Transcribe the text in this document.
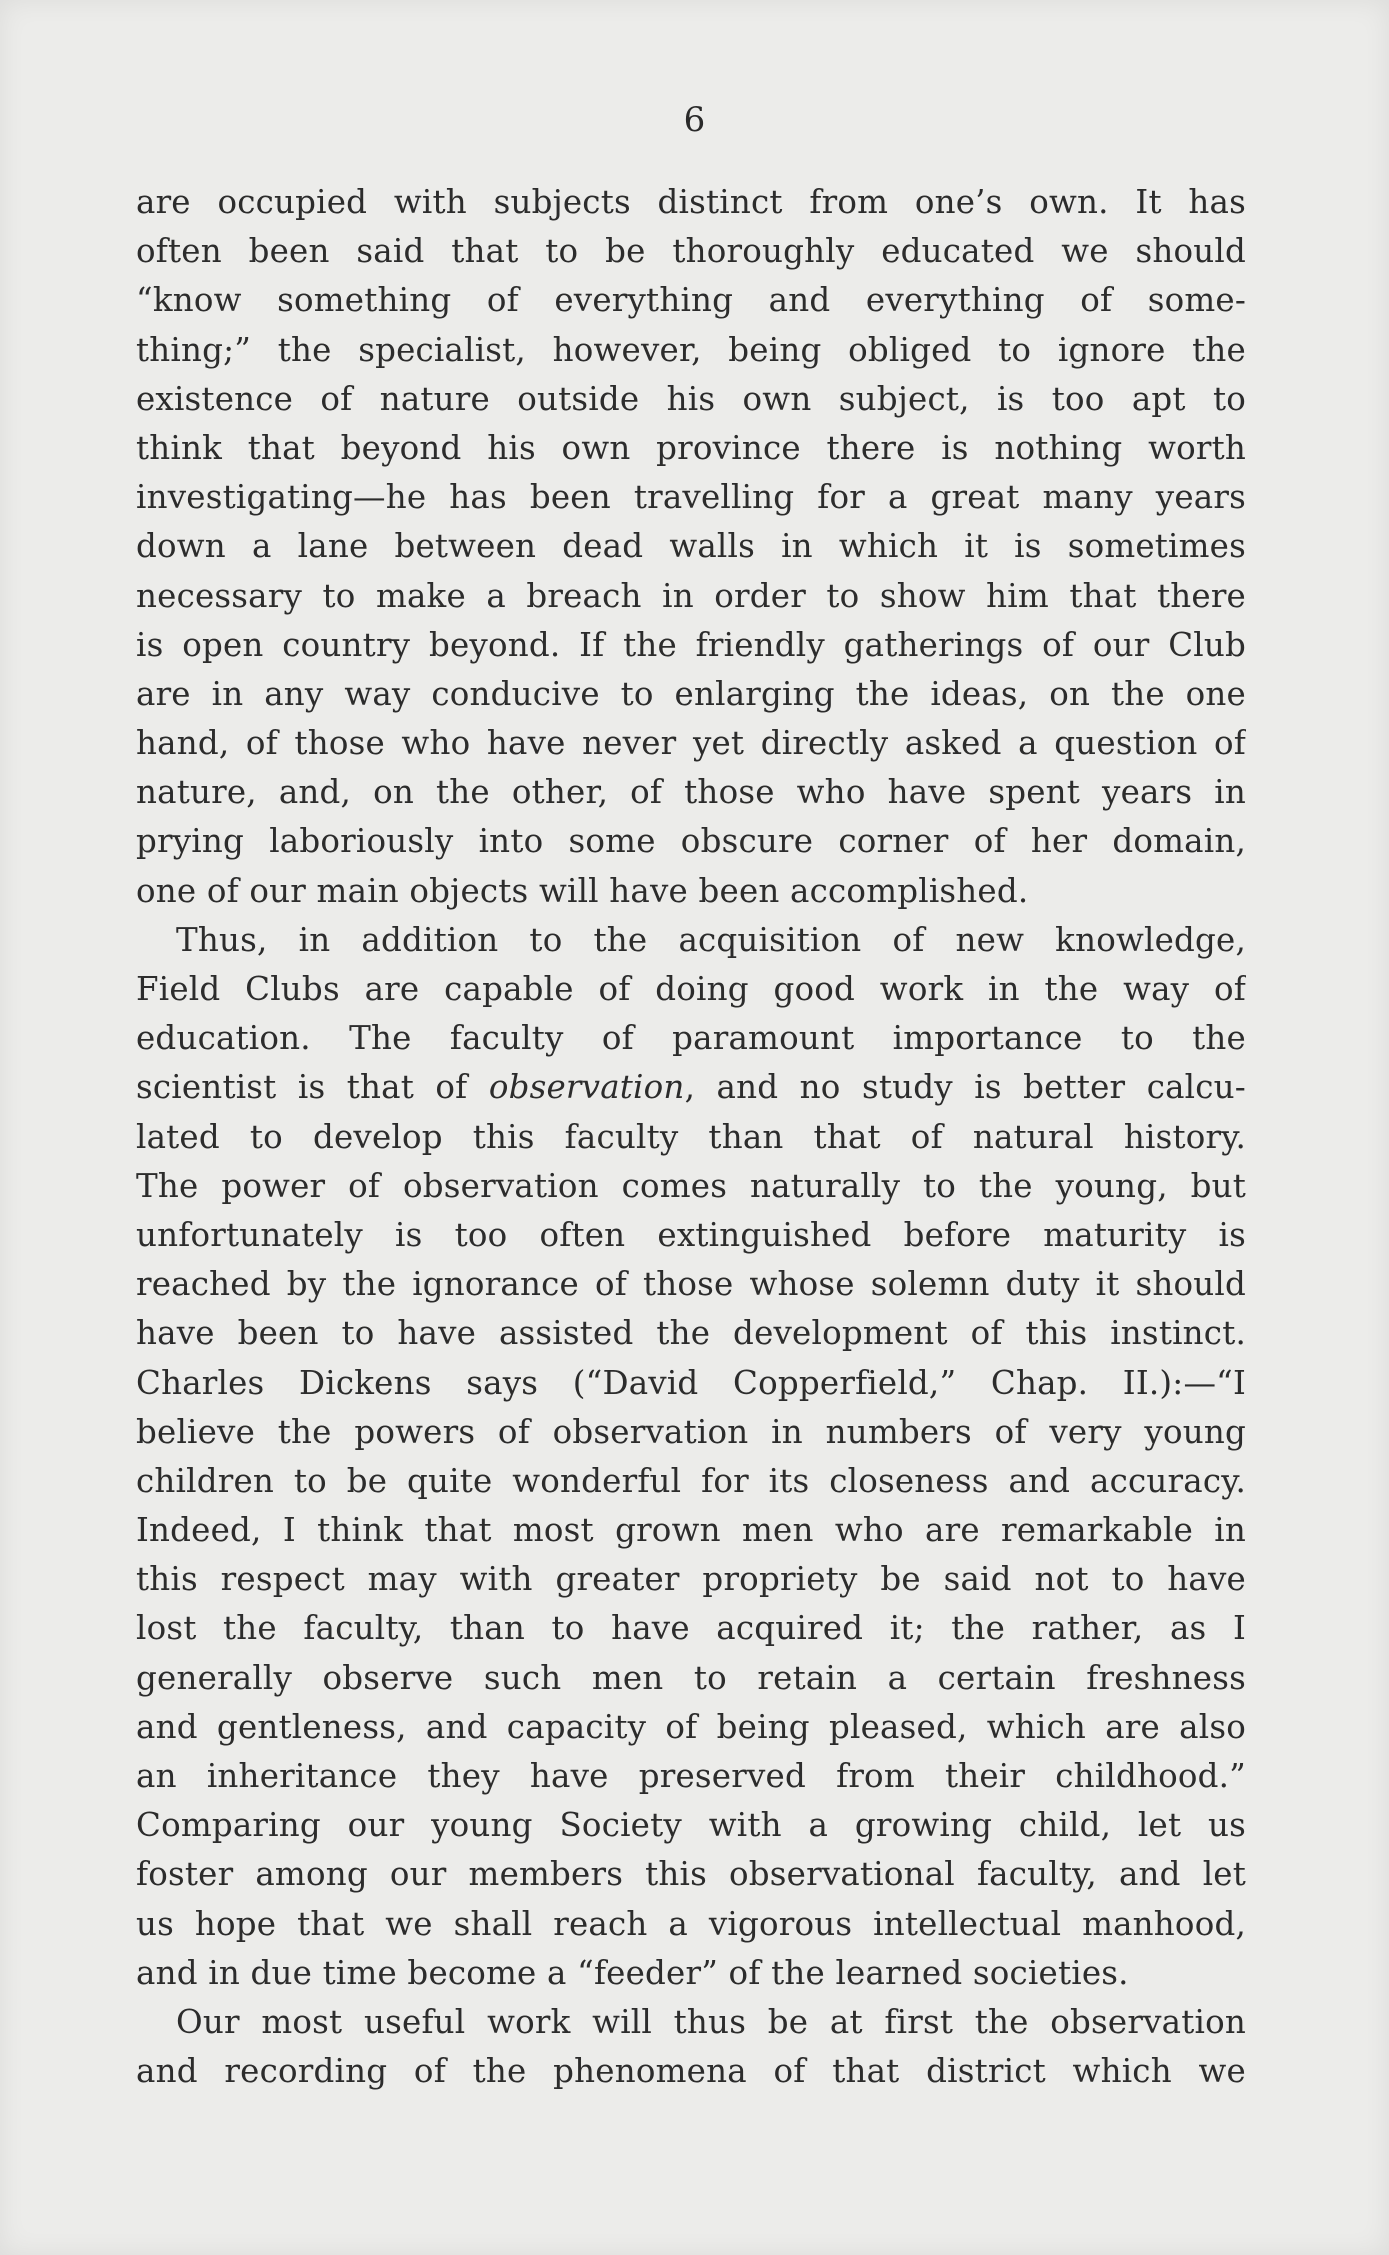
6
are occupied with subjects distinct from one’s own. It has
often been said that to be thoroughly educated we should
“know something of everything and everything of some-
thing;” the specialist, however, being obliged to ignore the
existence of nature outside his own subject, is too apt to
think that beyond his own province there is nothing worth
investigating—he has been travelling for a great many years
down a lane between dead walls in which it is sometimes
necessary to make a breach in order to show him that there
is open country beyond. If the friendly gatherings of our Club
are in any way conducive to enlarging the ideas, on the one
hand, of those who have never yet directly asked a question of
nature, and, on the other, of those who have spent years in
prying laboriously into some obscure corner of her domain,
one of our main objects will have been accomplished.
Thus, in addition to the acquisition of new knowledge,
Field Clubs are capable of doing good work in the way of
education. The faculty of paramount importance to the
scientist is that of observation, and no study is better calcu-
lated to develop this faculty than that of natural history.
The power of observation comes naturally to the young, but
unfortunately is too often extinguished before maturity is
reached by the ignorance of those whose solemn duty it should
have been to have assisted the development of this instinct.
Charles Dickens says (“David Copperfield,” Chap. II.):—“I
believe the powers of observation in numbers of very young
children to be quite wonderful for its closeness and accuracy.
Indeed, I think that most grown men who are remarkable in
this respect may with greater propriety be said not to have
lost the faculty, than to have acquired it; the rather, as I
generally observe such men to retain a certain freshness
and gentleness, and capacity of being pleased, which are also
an inheritance they have preserved from their childhood.”
Comparing our young Society with a growing child, let us
foster among our members this observational faculty, and let
us hope that we shall reach a vigorous intellectual manhood,
and in due time become a “feeder” of the learned societies.
Our most useful work will thus be at first the observation
and recording of the phenomena of that district which we
